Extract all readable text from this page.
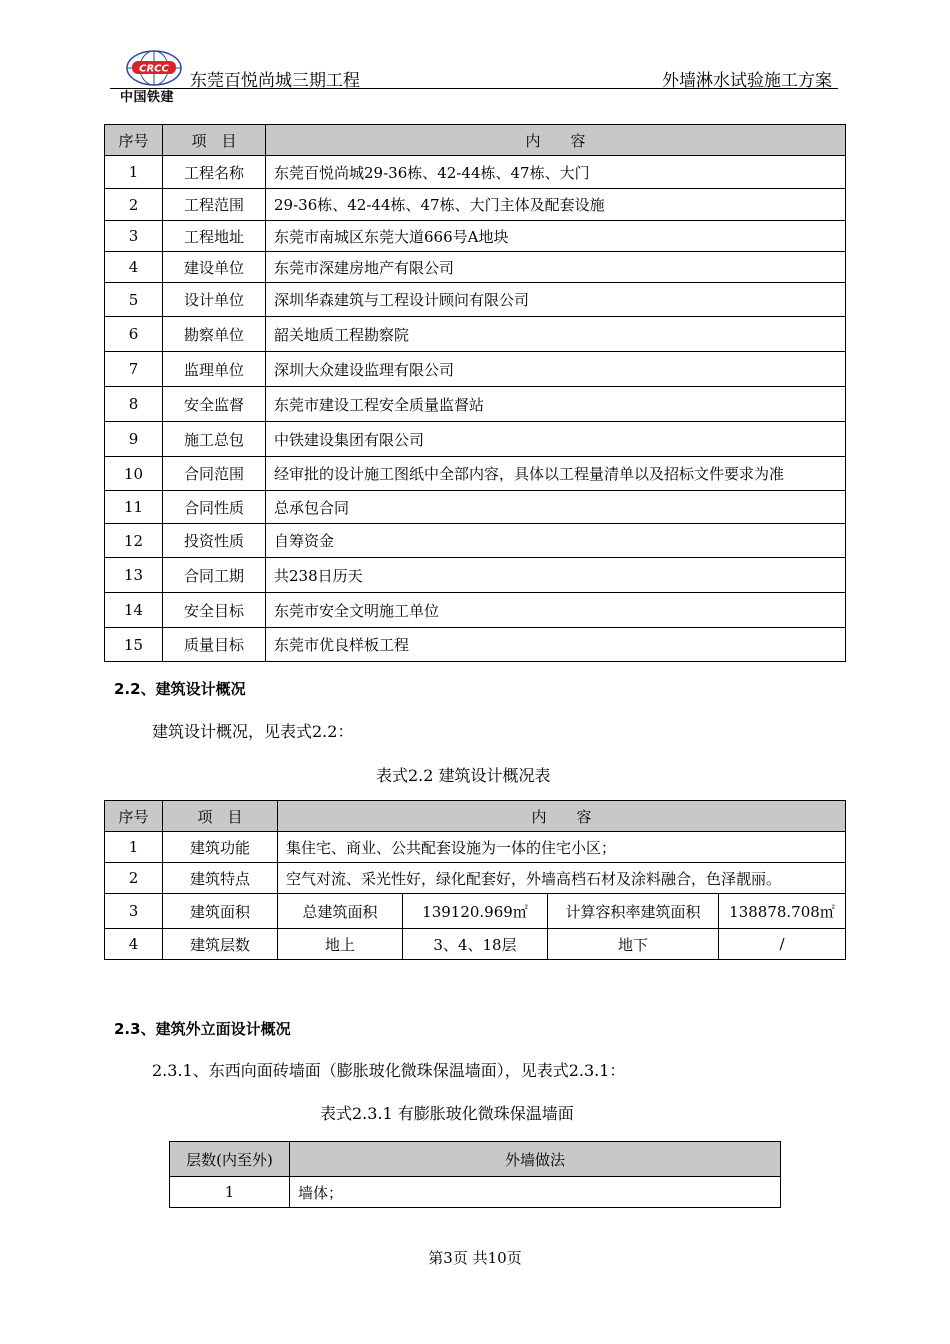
CRCC
中国铁建
东莞百悦尚城三期工程	外墙淋水试验施工方案
序号	项　目	内　　容
1	工程名称	东莞百悦尚城29-36栋、42-44栋、47栋、大门
2	工程范围	29-36栋、42-44栋、47栋、大门主体及配套设施
3	工程地址	东莞市南城区东莞大道666号A地块
4	建设单位	东莞市深建房地产有限公司
5	设计单位	深圳华森建筑与工程设计顾问有限公司
6	勘察单位	韶关地质工程勘察院
7	监理单位	深圳大众建设监理有限公司
8	安全监督	东莞市建设工程安全质量监督站
9	施工总包	中铁建设集团有限公司
10	合同范围	经审批的设计施工图纸中全部内容，具体以工程量清单以及招标文件要求为准
11	合同性质	总承包合同
12	投资性质	自筹资金
13	合同工期	共238日历天
14	安全目标	东莞市安全文明施工单位
15	质量目标	东莞市优良样板工程
2.2、建筑设计概况
建筑设计概况，见表式2.2：
表式2.2 建筑设计概况表
序号	项　目	内　　容			
1	建筑功能	集住宅、商业、公共配套设施为一体的住宅小区；			
2	建筑特点	空气对流、采光性好，绿化配套好，外墙高档石材及涂料融合，色泽靓丽。			
3	建筑面积	总建筑面积	139120.969㎡	计算容积率建筑面积	138878.708㎡
4	建筑层数	地上	3、4、18层	地下	/
2.3、建筑外立面设计概况
2.3.1、东西向面砖墙面（膨胀玻化微珠保温墙面），见表式2.3.1：
表式2.3.1 有膨胀玻化微珠保温墙面
层数(内至外)	外墙做法
1	墙体；
第3页 共10页
